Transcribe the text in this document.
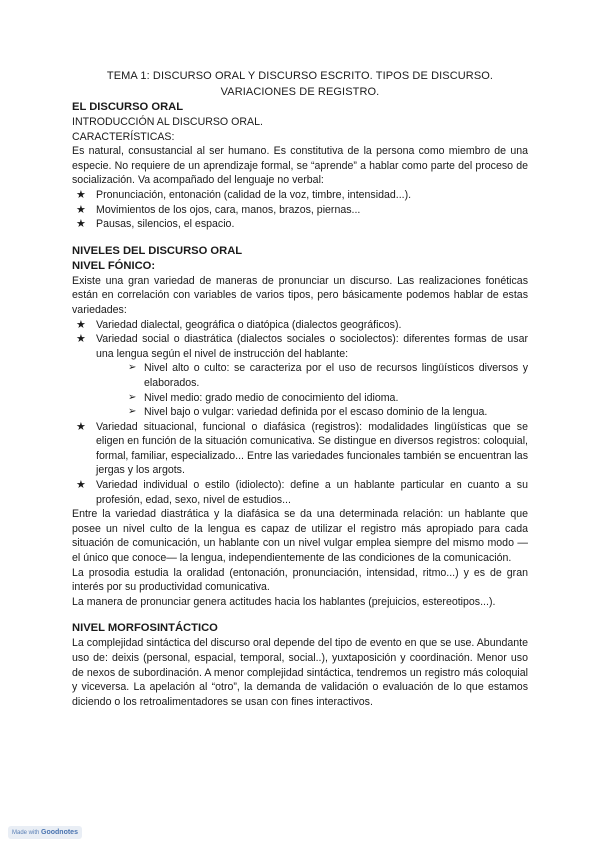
TEMA 1: DISCURSO ORAL Y DISCURSO ESCRITO. TIPOS DE DISCURSO.
VARIACIONES DE REGISTRO.
EL DISCURSO ORAL
INTRODUCCIÓN AL DISCURSO ORAL.
CARACTERÍSTICAS:
Es natural, consustancial al ser humano. Es constitutiva de la persona como miembro de una especie. No requiere de un aprendizaje formal, se “aprende” a hablar como parte del proceso de socialización. Va acompañado del lenguaje no verbal:
★ Pronunciación, entonación (calidad de la voz, timbre, intensidad...).
★ Movimientos de los ojos, cara, manos, brazos, piernas...
★ Pausas, silencios, el espacio.
NIVELES DEL DISCURSO ORAL
NIVEL FÓNICO:
Existe una gran variedad de maneras de pronunciar un discurso. Las realizaciones fonéticas están en correlación con variables de varios tipos, pero básicamente podemos hablar de estas variedades:
★ Variedad dialectal, geográfica o diatópica (dialectos geográficos).
★ Variedad social o diastrática (dialectos sociales o sociolectos): diferentes formas de usar una lengua según el nivel de instrucción del hablante:
➢ Nivel alto o culto: se caracteriza por el uso de recursos lingüísticos diversos y elaborados.
➢ Nivel medio: grado medio de conocimiento del idioma.
➢ Nivel bajo o vulgar: variedad definida por el escaso dominio de la lengua.
★ Variedad situacional, funcional o diafásica (registros): modalidades lingüísticas que se eligen en función de la situación comunicativa. Se distingue en diversos registros: coloquial, formal, familiar, especializado... Entre las variedades funcionales también se encuentran las jergas y los argots.
★ Variedad individual o estilo (idiolecto): define a un hablante particular en cuanto a su profesión, edad, sexo, nivel de estudios...
Entre la variedad diastrática y la diafásica se da una determinada relación: un hablante que posee un nivel culto de la lengua es capaz de utilizar el registro más apropiado para cada situación de comunicación, un hablante con un nivel vulgar emplea siempre del mismo modo —el único que conoce— la lengua, independientemente de las condiciones de la comunicación.
La prosodia estudia la oralidad (entonación, pronunciación, intensidad, ritmo...) y es de gran interés por su productividad comunicativa.
La manera de pronunciar genera actitudes hacia los hablantes (prejuicios, estereotipos...).
NIVEL MORFOSINTÁCTICO
La complejidad sintáctica del discurso oral depende del tipo de evento en que se use. Abundante uso de: deixis (personal, espacial, temporal, social..), yuxtaposición y coordinación. Menor uso de nexos de subordinación. A menor complejidad sintáctica, tendremos un registro más coloquial y viceversa. La apelación al “otro”, la demanda de validación o evaluación de lo que estamos diciendo o los retroalimentadores se usan con fines interactivos.
Made with Goodnotes
